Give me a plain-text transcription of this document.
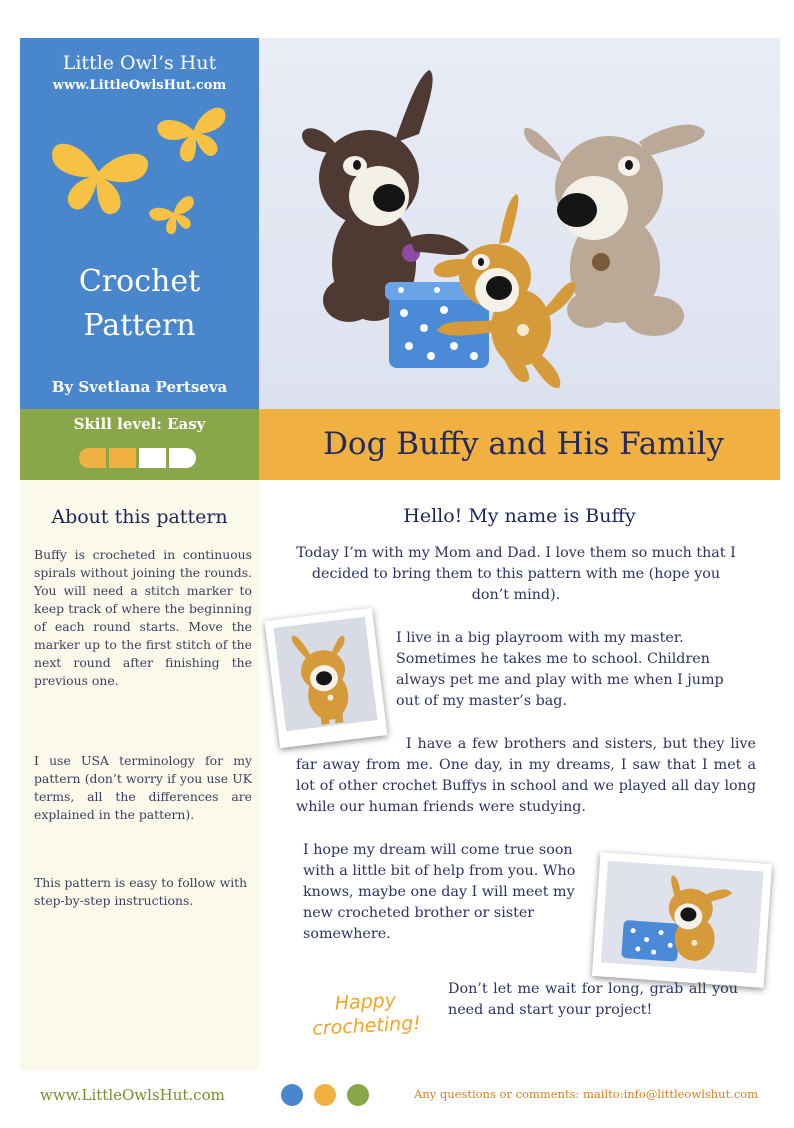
Little Owl’s Hut
www.LittleOwlsHut.com
Crochet Pattern
By Svetlana Pertseva
Skill level: Easy
Dog Buffy and His Family
About this pattern
Buffy is crocheted in continuous spirals without joining the rounds. You will need a stitch marker to keep track of where the beginning of each round starts. Move the marker up to the first stitch of the next round after finishing the previous one.
I use USA terminology for my pattern (don’t worry if you use UK terms, all the differences are explained in the pattern).
This pattern is easy to follow with step-by-step instructions.
Hello! My name is Buffy
Today I’m with my Mom and Dad. I love them so much that I decided to bring them to this pattern with me (hope you don’t mind).
I live in a big playroom with my master. Sometimes he takes me to school. Children always pet me and play with me when I jump out of my master’s bag.
I have a few brothers and sisters, but they live far away from me. One day, in my dreams, I saw that I met a lot of other crochet Buffys in school and we played all day long while our human friends were studying.
I hope my dream will come true soon with a little bit of help from you. Who knows, maybe one day I will meet my new crocheted brother or sister somewhere.
Happy crocheting!
Don’t let me wait for long, grab all you need and start your project!
www.LittleOwlsHut.com	Any questions or comments: mailto:info@littleowlshut.com
